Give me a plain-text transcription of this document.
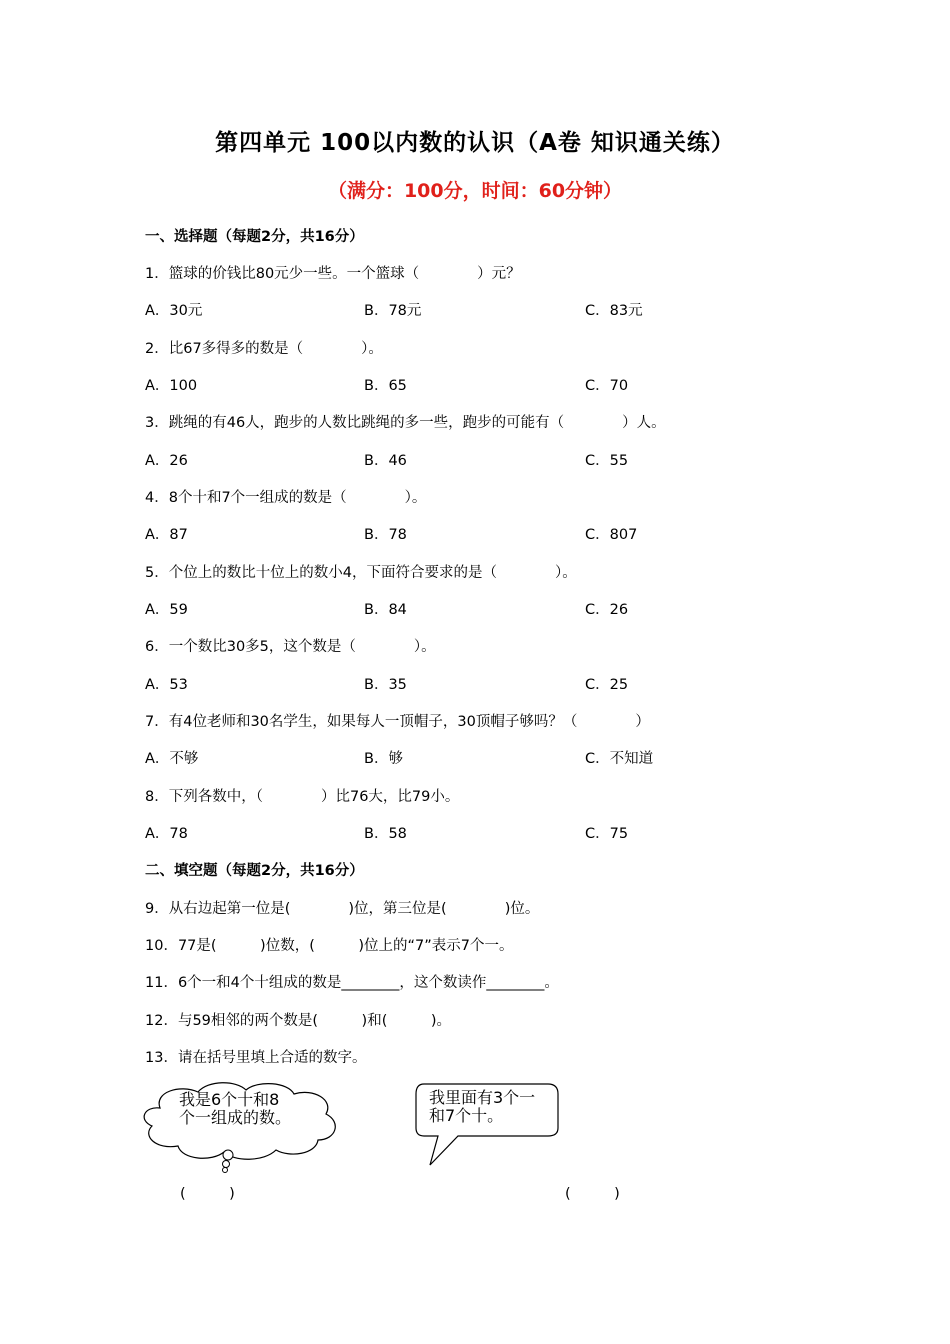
第四单元 100以内数的认识（A卷 知识通关练）
（满分：100分，时间：60分钟）
一、选择题（每题2分，共16分）
1．篮球的价钱比80元少一些。一个篮球（　　　　）元？
A．30元	B．78元	C．83元
2．比67多得多的数是（　　　　）。
A．100	B．65	C．70
3．跳绳的有46人，跑步的人数比跳绳的多一些，跑步的可能有（　　　　）人。
A．26	B．46	C．55
4．8个十和7个一组成的数是（　　　　）。
A．87	B．78	C．807
5．个位上的数比十位上的数小4，下面符合要求的是（　　　　）。
A．59	B．84	C．26
6．一个数比30多5，这个数是（　　　　）。
A．53	B．35	C．25
7．有4位老师和30名学生，如果每人一顶帽子，30顶帽子够吗？（　　　　）
A．不够	B．够	C．不知道
8．下列各数中，（　　　　）比76大，比79小。
A．78	B．58	C．75
二、填空题（每题2分，共16分）
9．从右边起第一位是(　　　　)位，第三位是(　　　　)位。
10．77是(　　　)位数，(　　　)位上的“7”表示7个一。
11．6个一和4个十组成的数是________，这个数读作________。
12．与59相邻的两个数是(　　　)和(　　　)。
13．请在括号里填上合适的数字。
我是6个十和8
个一组成的数。
我里面有3个一
和7个十。
(　　　)	(　　　)
